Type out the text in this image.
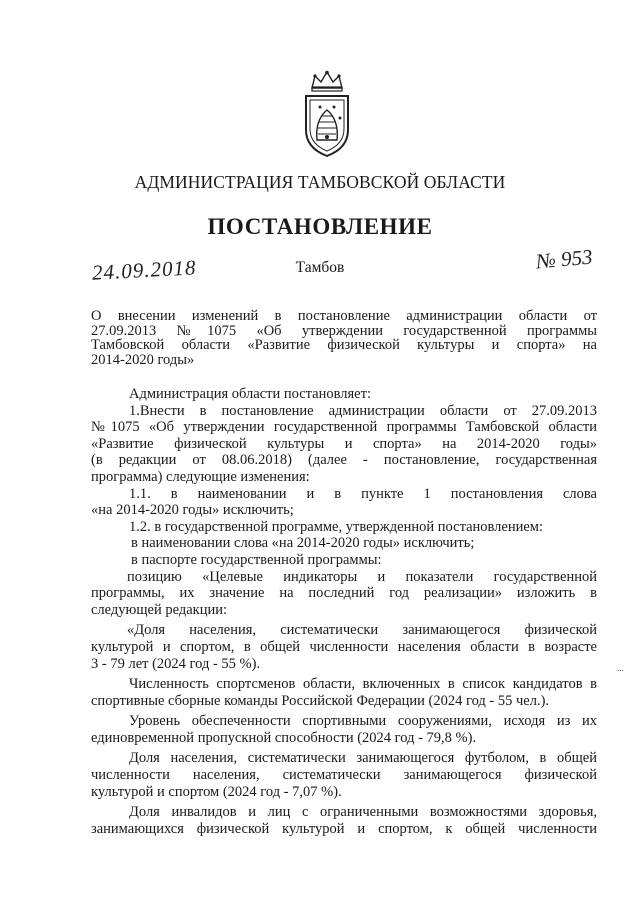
АДМИНИСТРАЦИЯ ТАМБОВСКОЙ ОБЛАСТИ
ПОСТАНОВЛЕНИЕ
24.09.2018	Тамбов	№ 953
О внесении изменений в постановление администрации области от
27.09.2013 №1075 «Об утверждении государственной программы
Тамбовской области «Развитие физической культуры и спорта» на
2014-2020 годы»
Администрация области постановляет:
1.Внести в постановление администрации области от 27.09.2013
№1075 «Об утверждении государственной программы Тамбовской области
«Развитие физической культуры и спорта» на 2014-2020 годы»
(в редакции от 08.06.2018) (далее - постановление, государственная
программа) следующие изменения:
1.1. в наименовании и в пункте 1 постановления слова
«на 2014-2020 годы» исключить;
1.2. в государственной программе, утвержденной постановлением:
в наименовании слова «на 2014-2020 годы» исключить;
в паспорте государственной программы:
позицию «Целевые индикаторы и показатели государственной
программы, их значение на последний год реализации» изложить в
следующей редакции:
«Доля населения, систематически занимающегося физической
культурой и спортом, в общей численности населения области в возрасте
3 - 79 лет (2024 год - 55 %).
Численность спортсменов области, включенных в список кандидатов в
спортивные сборные команды Российской Федерации (2024 год - 55 чел.).
Уровень обеспеченности спортивными сооружениями, исходя из их
единовременной пропускной способности (2024 год - 79,8 %).
Доля населения, систематически занимающегося футболом, в общей
численности населения, систематически занимающегося физической
культурой и спортом (2024 год - 7,07 %).
Доля инвалидов и лиц с ограниченными возможностями здоровья,
занимающихся физической культурой и спортом, к общей численности
...
